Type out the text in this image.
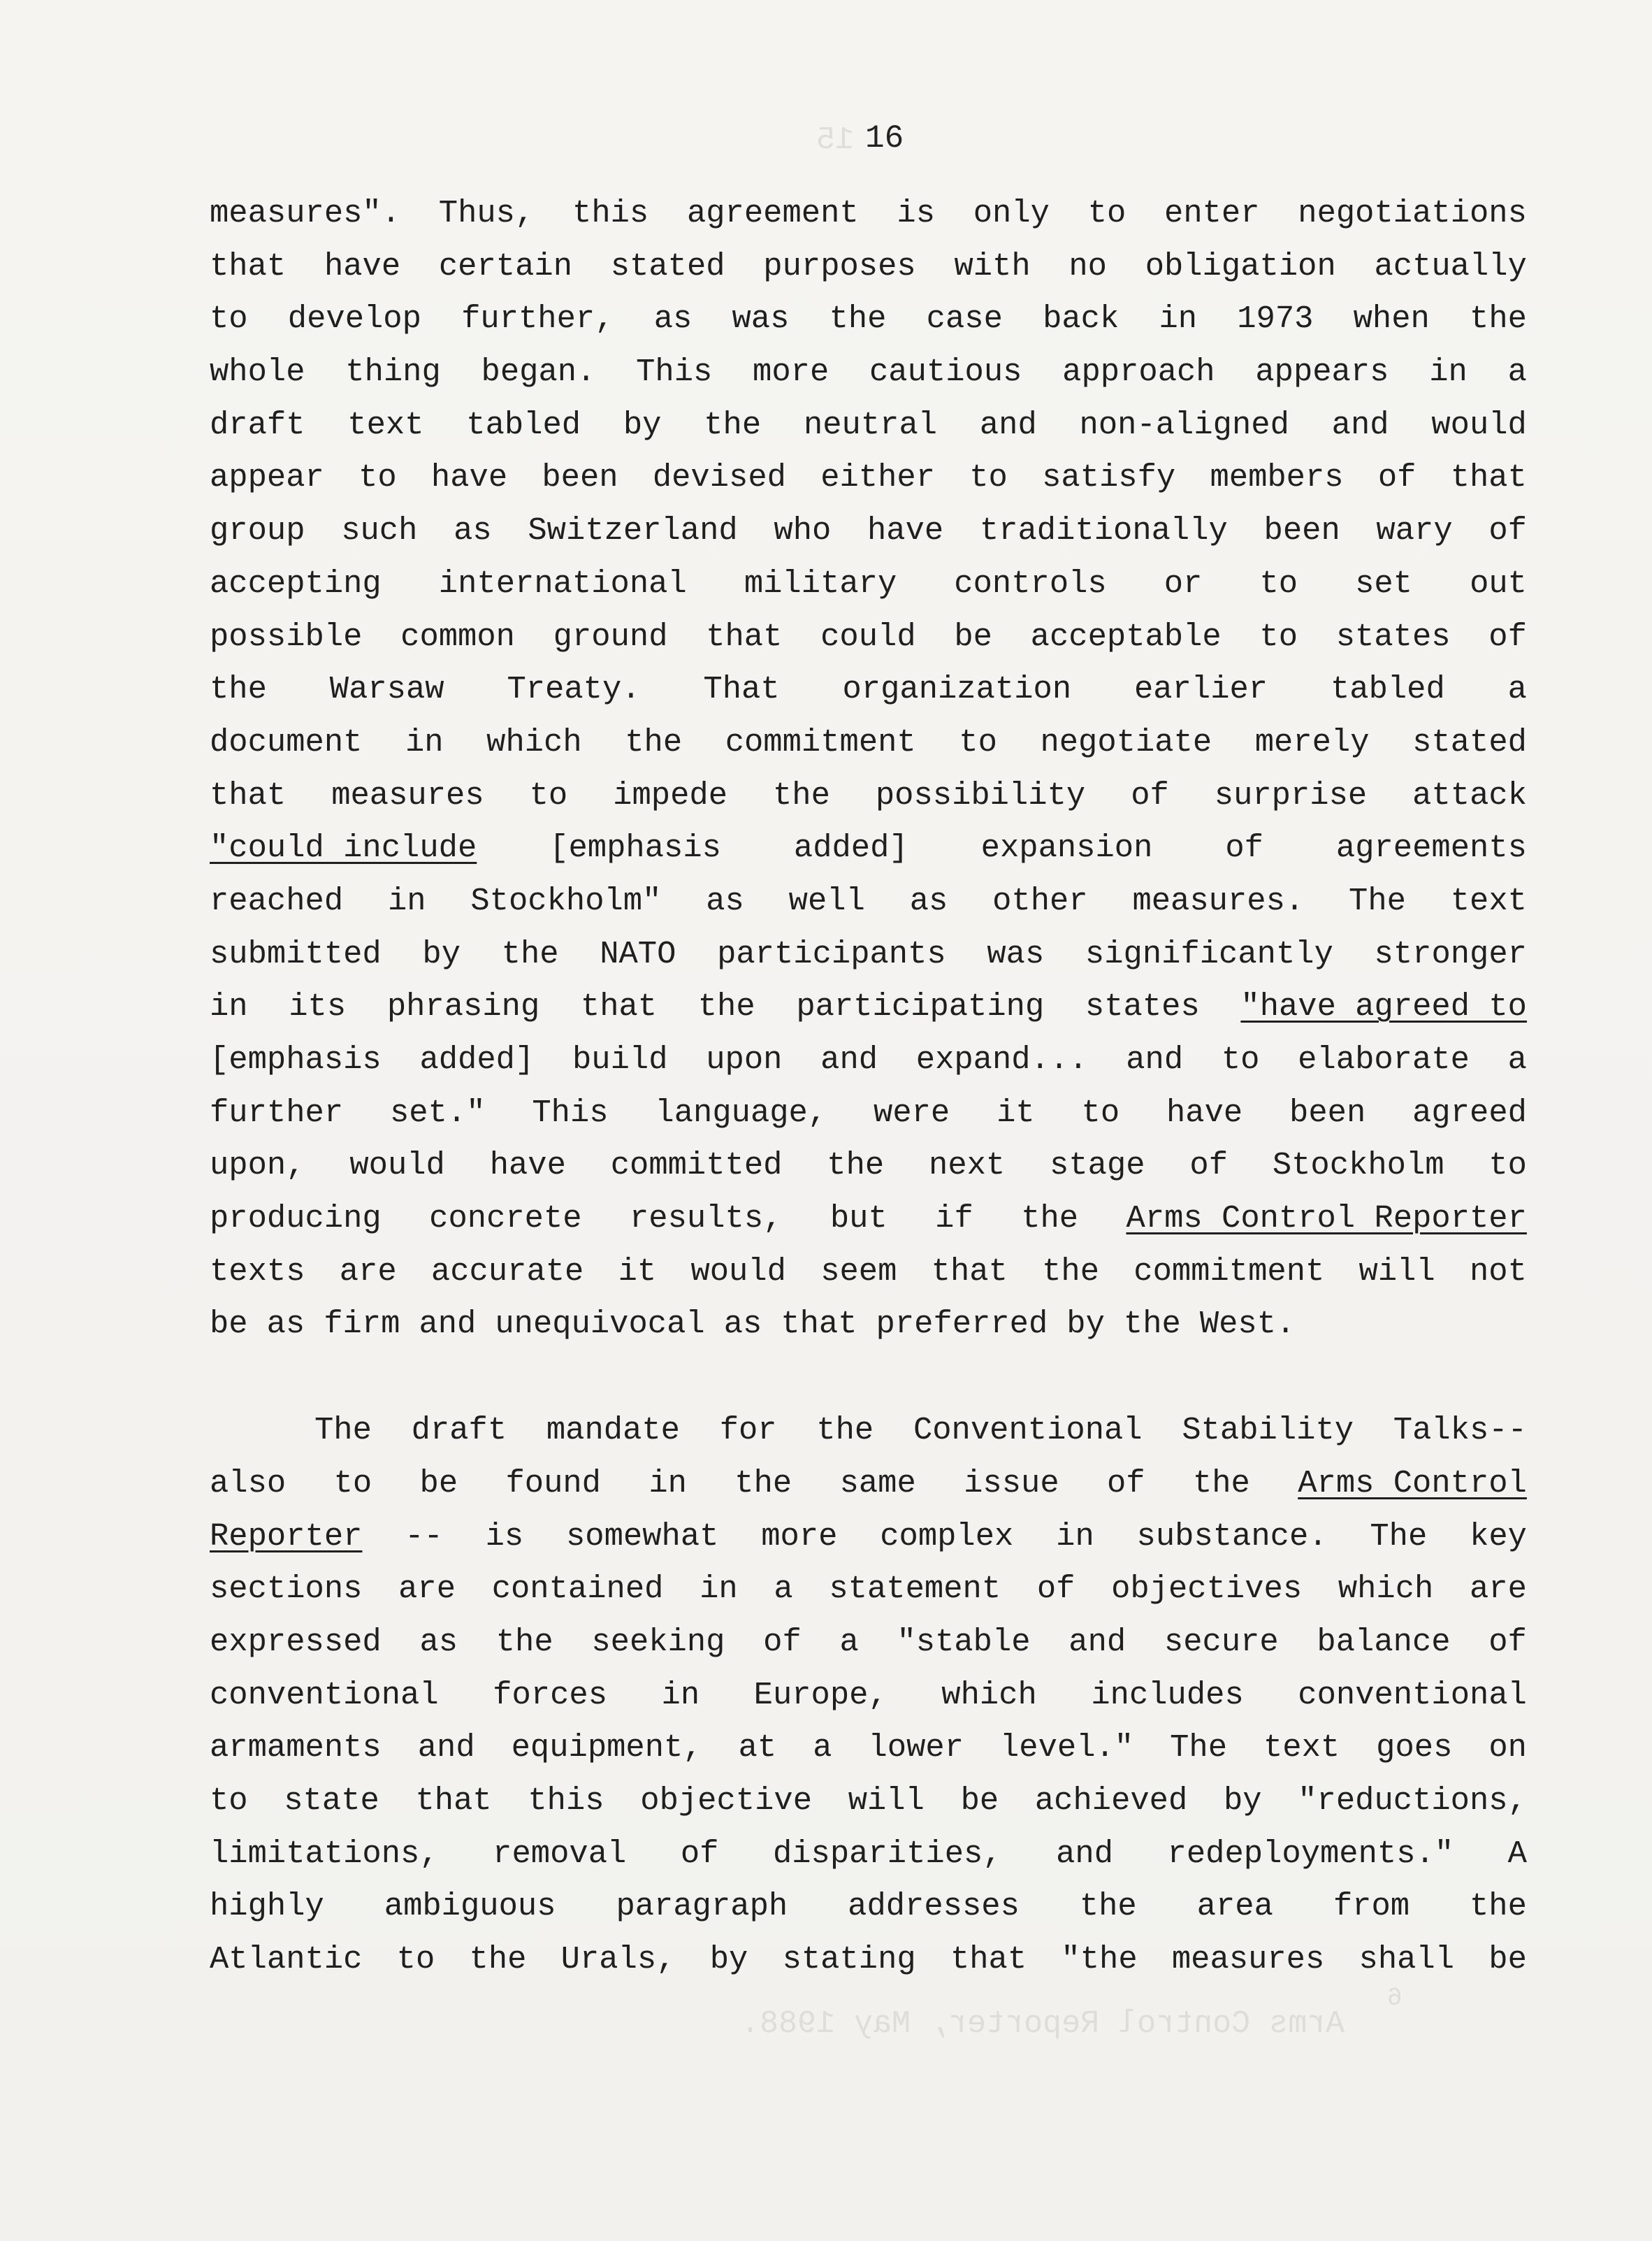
15
6
Arms Control Reporter, May 1988.
16
measures". Thus, this agreement is only to enter negotiations
that have certain stated purposes with no obligation actually
to develop further, as was the case back in 1973 when the
whole thing began. This more cautious approach appears in a
draft text tabled by the neutral and non-aligned and would
appear to have been devised either to satisfy members of that
group such as Switzerland who have traditionally been wary of
accepting international military controls or to set out
possible common ground that could be acceptable to states of
the Warsaw Treaty. That organization earlier tabled a
document in which the commitment to negotiate merely stated
that measures to impede the possibility of surprise attack
"could include [emphasis added] expansion of agreements
reached in Stockholm" as well as other measures. The text
submitted by the NATO participants was significantly stronger
in its phrasing that the participating states "have agreed to
[emphasis added] build upon and expand... and to elaborate a
further set." This language, were it to have been agreed
upon, would have committed the next stage of Stockholm to
producing concrete results, but if the Arms Control Reporter
texts are accurate it would seem that the commitment will not
be as firm and unequivocal as that preferred by the West.
The draft mandate for the Conventional Stability Talks--
also to be found in the same issue of the Arms Control
Reporter -- is somewhat more complex in substance. The key
sections are contained in a statement of objectives which are
expressed as the seeking of a "stable and secure balance of
conventional forces in Europe, which includes conventional
armaments and equipment, at a lower level." The text goes on
to state that this objective will be achieved by "reductions,
limitations, removal of disparities, and redeployments." A
highly ambiguous paragraph addresses the area from the
Atlantic to the Urals, by stating that "the measures shall be
